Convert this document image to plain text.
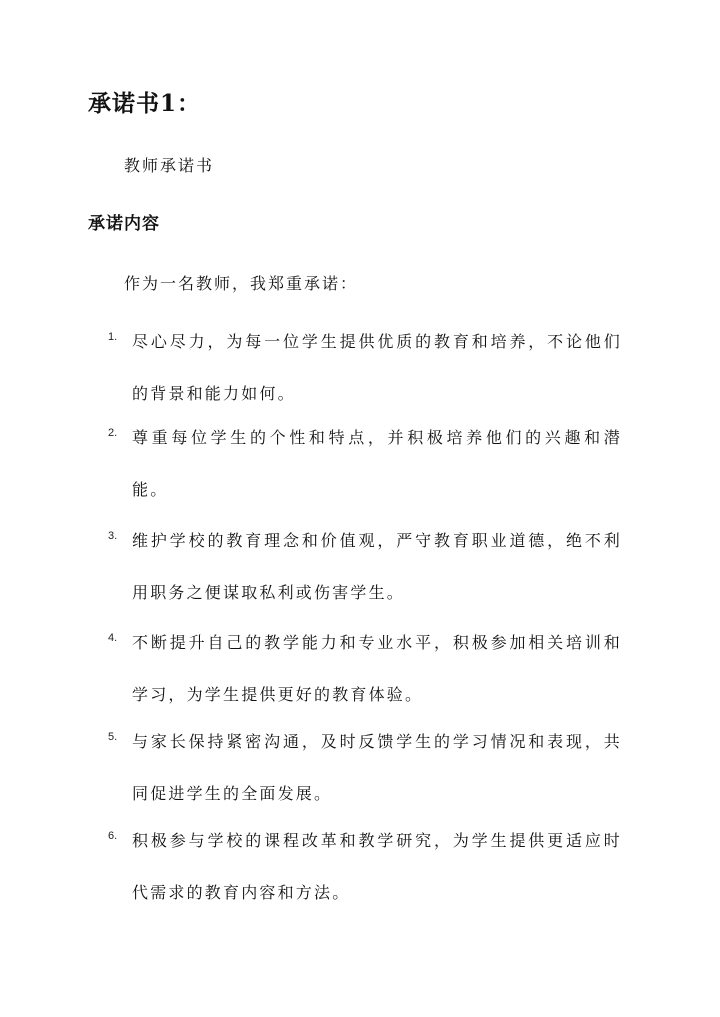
承诺书1：

教师承诺书

承诺内容

作为一名教师，我郑重承诺：

1. 尽心尽力，为每一位学生提供优质的教育和培养，不论他们的背景和能力如何。

2. 尊重每位学生的个性和特点，并积极培养他们的兴趣和潜能。

3. 维护学校的教育理念和价值观，严守教育职业道德，绝不利用职务之便谋取私利或伤害学生。

4. 不断提升自己的教学能力和专业水平，积极参加相关培训和学习，为学生提供更好的教育体验。

5. 与家长保持紧密沟通，及时反馈学生的学习情况和表现，共同促进学生的全面发展。

6. 积极参与学校的课程改革和教学研究，为学生提供更适应时代需求的教育内容和方法。
